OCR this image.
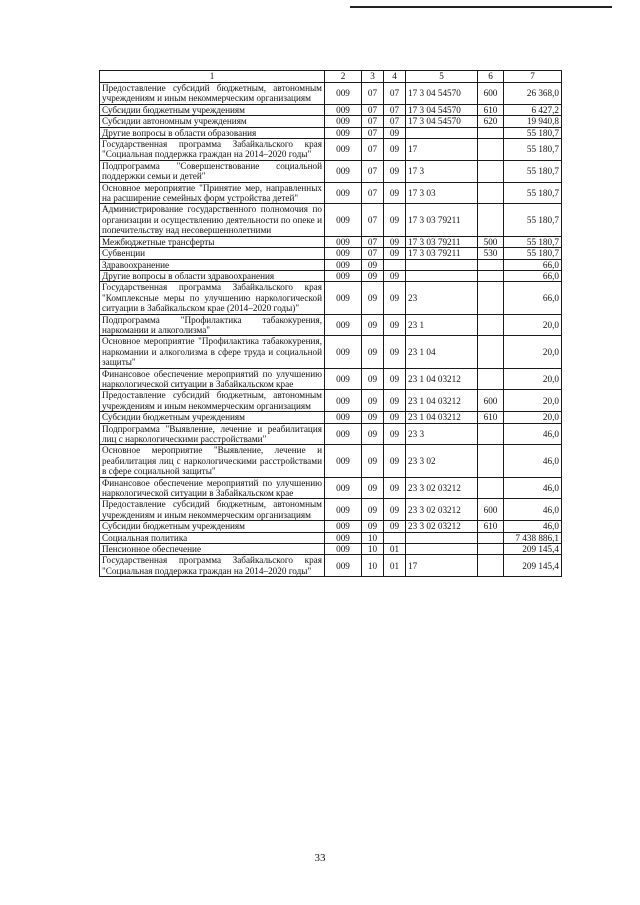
1	2	3	4	5	6	7
Предоставление субсидий бюджетным, автономным учреждениям и иным некоммерческим организациям	009	07	07	17 3 04 54570	600	26 368,0
Субсидии бюджетным учреждениям	009	07	07	17 3 04 54570	610	6 427,2
Субсидии автономным учреждениям	009	07	07	17 3 04 54570	620	19 940,8
Другие вопросы в области образования	009	07	09			55 180,7
Государственная программа Забайкальского края "Социальная поддержка граждан на 2014–2020 годы"	009	07	09	17		55 180,7
Подпрограмма "Совершенствование социальной поддержки семьи и детей"	009	07	09	17 3		55 180,7
Основное мероприятие "Принятие мер, направленных на расширение семейных форм устройства детей"	009	07	09	17 3 03		55 180,7
Администрирование государственного полномочия по организации и осуществлению деятельности по опеке и попечительству над несовершеннолетними	009	07	09	17 3 03 79211		55 180,7
Межбюджетные трансферты	009	07	09	17 3 03 79211	500	55 180,7
Субвенции	009	07	09	17 3 03 79211	530	55 180,7
Здравоохранение	009	09				66,0
Другие вопросы в области здравоохранения	009	09	09			66,0
Государственная программа Забайкальского края "Комплексные меры по улучшению наркологической ситуации в Забайкальском крае (2014–2020 годы)"	009	09	09	23		66,0
Подпрограмма "Профилактика табакокурения, наркомании и алкоголизма"	009	09	09	23 1		20,0
Основное мероприятие "Профилактика табакокурения, наркомании и алкоголизма в сфере труда и социальной защиты"	009	09	09	23 1 04		20,0
Финансовое обеспечение мероприятий по улучшению наркологической ситуации в Забайкальском крае	009	09	09	23 1 04 03212		20,0
Предоставление субсидий бюджетным, автономным учреждениям и иным некоммерческим организациям	009	09	09	23 1 04 03212	600	20,0
Субсидии бюджетным учреждениям	009	09	09	23 1 04 03212	610	20,0
Подпрограмма "Выявление, лечение и реабилитация лиц с наркологическими расстройствами"	009	09	09	23 3		46,0
Основное мероприятие "Выявление, лечение и реабилитация лиц с наркологическими расстройствами в сфере социальной защиты"	009	09	09	23 3 02		46,0
Финансовое обеспечение мероприятий по улучшению наркологической ситуации в Забайкальском крае	009	09	09	23 3 02 03212		46,0
Предоставление субсидий бюджетным, автономным учреждениям и иным некоммерческим организациям	009	09	09	23 3 02 03212	600	46,0
Субсидии бюджетным учреждениям	009	09	09	23 3 02 03212	610	46,0
Социальная политика	009	10				7 438 886,1
Пенсионное обеспечение	009	10	01			209 145,4
Государственная программа Забайкальского края "Социальная поддержка граждан на 2014–2020 годы"	009	10	01	17		209 145,4
33
